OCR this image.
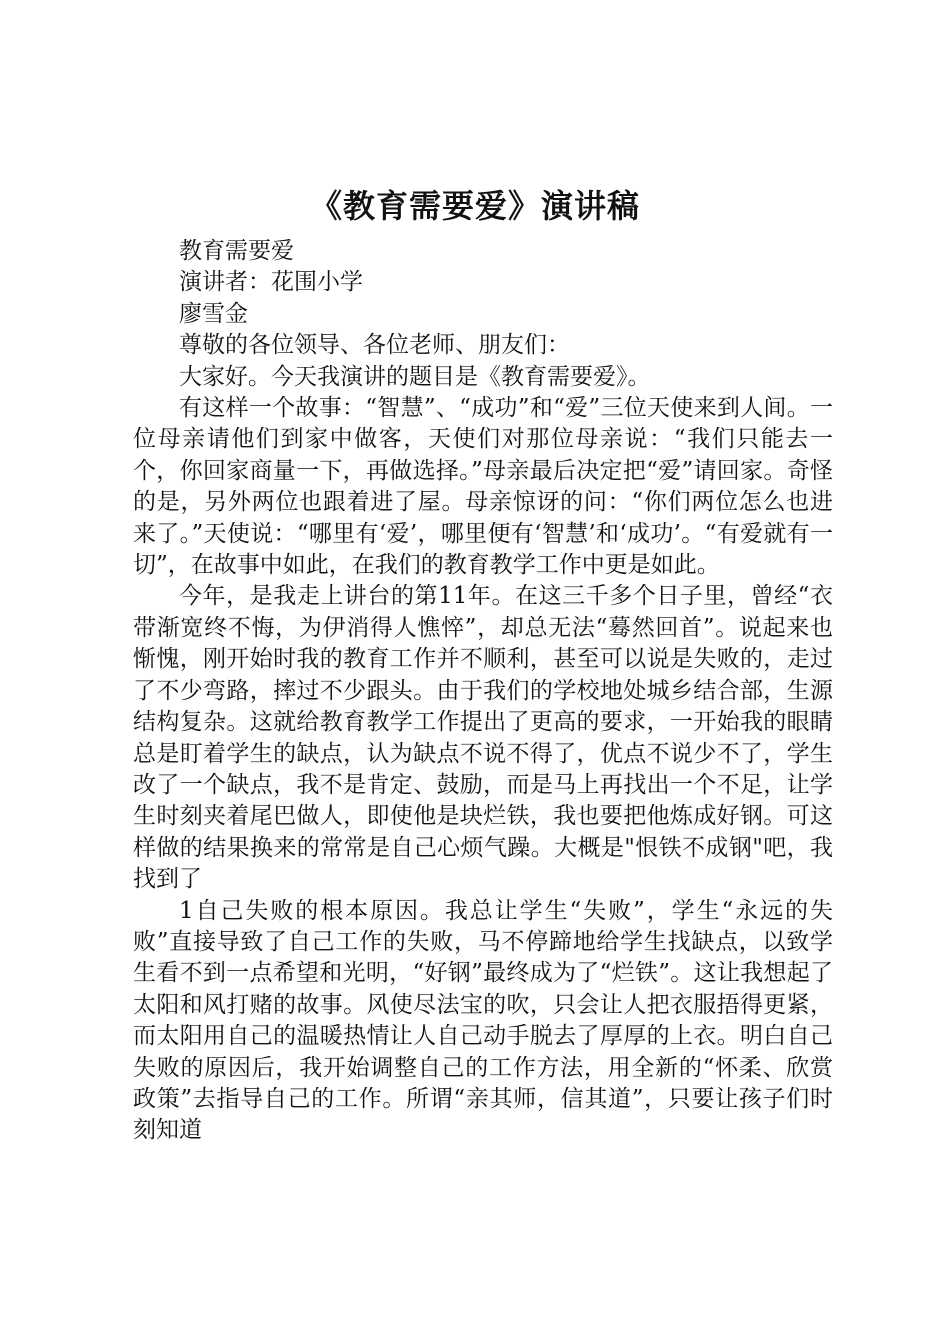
《教育需要爱》演讲稿

教育需要爱

演讲者：花围小学

廖雪金

尊敬的各位领导、各位老师、朋友们：

大家好。今天我演讲的题目是《教育需要爱》。

有这样一个故事：“智慧”、“成功”和“爱”三位天使来到人间。一位母亲请他们到家中做客，天使们对那位母亲说：“我们只能去一个，你回家商量一下，再做选择。”母亲最后决定把“爱”请回家。奇怪的是，另外两位也跟着进了屋。母亲惊讶的问：“你们两位怎么也进来了。”天使说：“哪里有‘爱’，哪里便有‘智慧’和‘成功’。“有爱就有一切”，在故事中如此，在我们的教育教学工作中更是如此。

今年，是我走上讲台的第11年。在这三千多个日子里，曾经“衣带渐宽终不悔，为伊消得人憔悴”，却总无法“蓦然回首”。说起来也惭愧，刚开始时我的教育工作并不顺利，甚至可以说是失败的，走过了不少弯路，摔过不少跟头。由于我们的学校地处城乡结合部，生源结构复杂。这就给教育教学工作提出了更高的要求，一开始我的眼睛总是盯着学生的缺点，认为缺点不说不得了，优点不说少不了，学生改了一个缺点，我不是肯定、鼓励，而是马上再找出一个不足，让学生时刻夹着尾巴做人，即使他是块烂铁，我也要把他炼成好钢。可这样做的结果换来的常常是自己心烦气躁。大概是"恨铁不成钢"吧，我找到了

1自己失败的根本原因。我总让学生“失败”，学生“永远的失败”直接导致了自己工作的失败，马不停蹄地给学生找缺点，以致学生看不到一点希望和光明，“好钢”最终成为了“烂铁”。这让我想起了太阳和风打赌的故事。风使尽法宝的吹，只会让人把衣服捂得更紧，而太阳用自己的温暖热情让人自己动手脱去了厚厚的上衣。明白自己失败的原因后，我开始调整自己的工作方法，用全新的“怀柔、欣赏政策”去指导自己的工作。所谓“亲其师，信其道”，只要让孩子们时刻知道
